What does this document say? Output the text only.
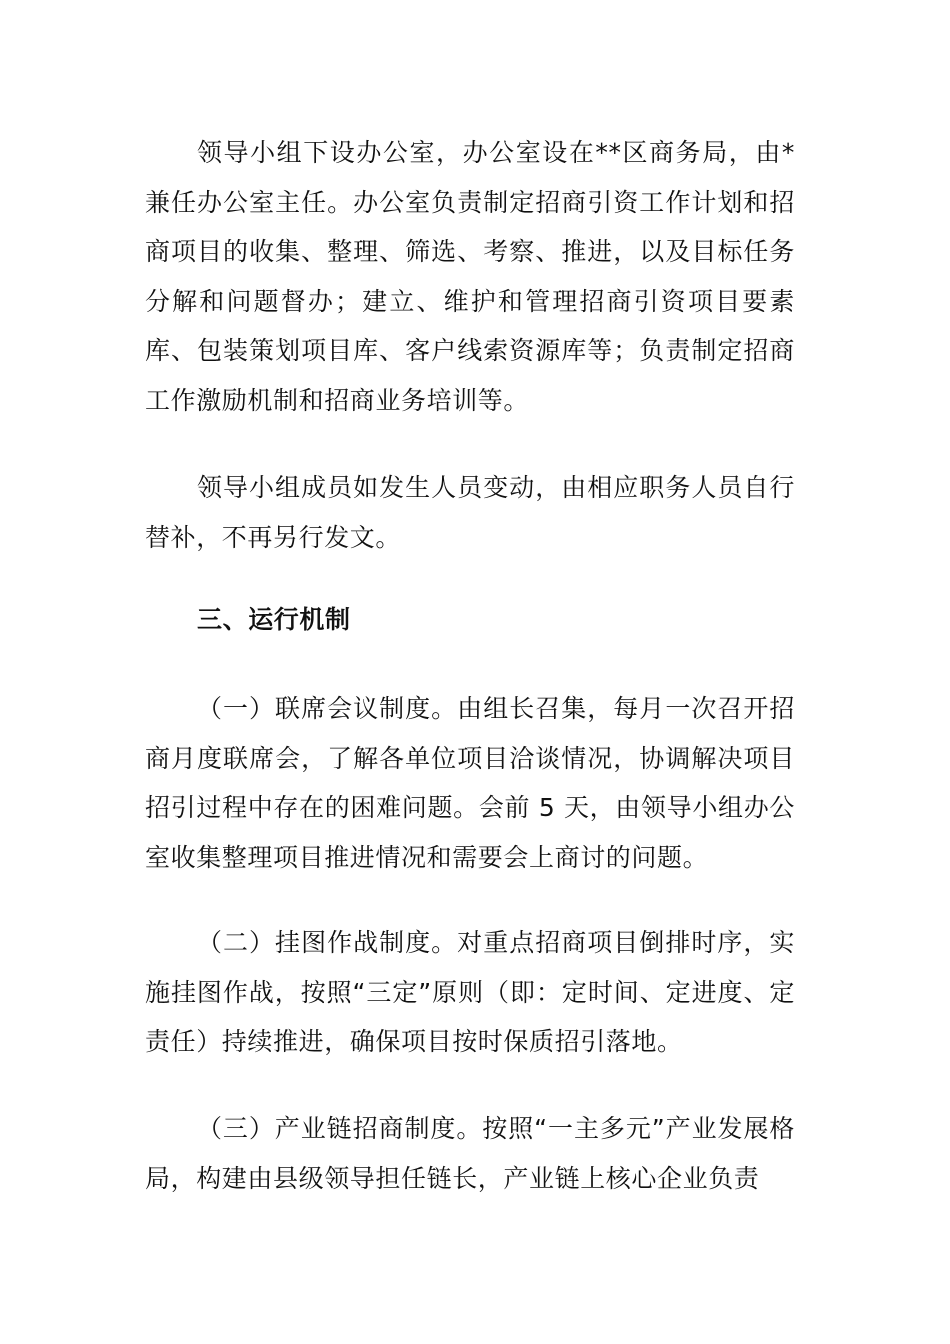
领导小组下设办公室，办公室设在**区商务局，由*兼任办公室主任。办公室负责制定招商引资工作计划和招商项目的收集、整理、筛选、考察、推进，以及目标任务分解和问题督办；建立、维护和管理招商引资项目要素库、包装策划项目库、客户线索资源库等；负责制定招商工作激励机制和招商业务培训等。

领导小组成员如发生人员变动，由相应职务人员自行替补，不再另行发文。

三、运行机制

（一）联席会议制度。由组长召集，每月一次召开招商月度联席会，了解各单位项目洽谈情况，协调解决项目招引过程中存在的困难问题。会前 5 天，由领导小组办公室收集整理项目推进情况和需要会上商讨的问题。

（二）挂图作战制度。对重点招商项目倒排时序，实施挂图作战，按照“三定”原则（即：定时间、定进度、定责任）持续推进，确保项目按时保质招引落地。

（三）产业链招商制度。按照“一主多元”产业发展格局，构建由县级领导担任链长，产业链上核心企业负责
